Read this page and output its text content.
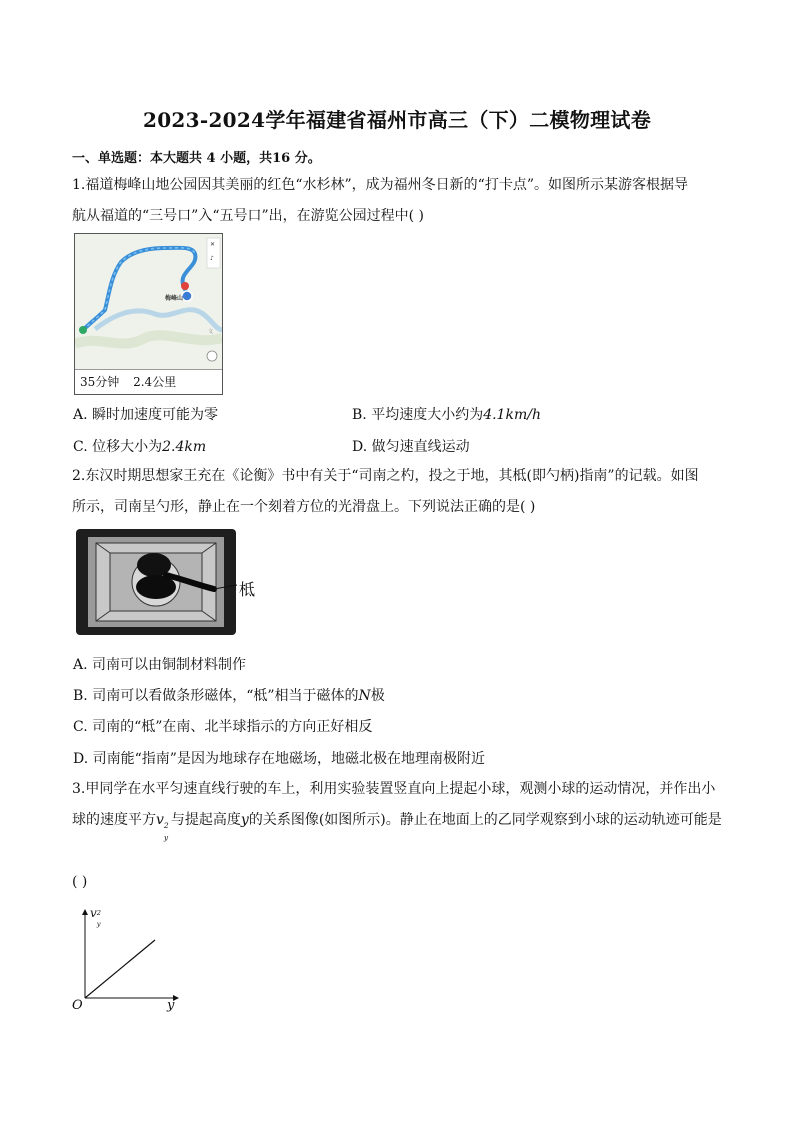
2023-2024学年福建省福州市高三（下）二模物理试卷
一、单选题：本大题共 4 小题，共16 分。
1.福道梅峰山地公园因其美丽的红色“水杉林”，成为福州冬日新的“打卡点”。如图所示某游客根据导
航从福道的“三号口”入“五号口”出，在游览公园过程中( )
✕
♪
文
梅峰山
35分钟 2.4公里
A. 瞬时加速度可能为零	B. 平均速度大小约为4.1km/h
C. 位移大小为2.4km	D. 做匀速直线运动
2.东汉时期思想家王充在《论衡》书中有关于“司南之杓，投之于地，其柢(即勺柄)指南”的记载。如图
所示，司南呈勺形，静止在一个刻着方位的光滑盘上。下列说法正确的是( )
柢
A. 司南可以由铜制材料制作
B. 司南可以看做条形磁体，“柢”相当于磁体的N极
C. 司南的“柢”在南、北半球指示的方向正好相反
D. 司南能“指南”是因为地球存在地磁场，地磁北极在地理南极附近
3.甲同学在水平匀速直线行驶的车上，利用实验装置竖直向上提起小球，观测小球的运动情况，并作出小
球的速度平方v 2
y
与提起高度y的关系图像(如图所示)。静止在地面上的乙同学观察到小球的运动轨迹可能是
( )
O	y
v 2
y
